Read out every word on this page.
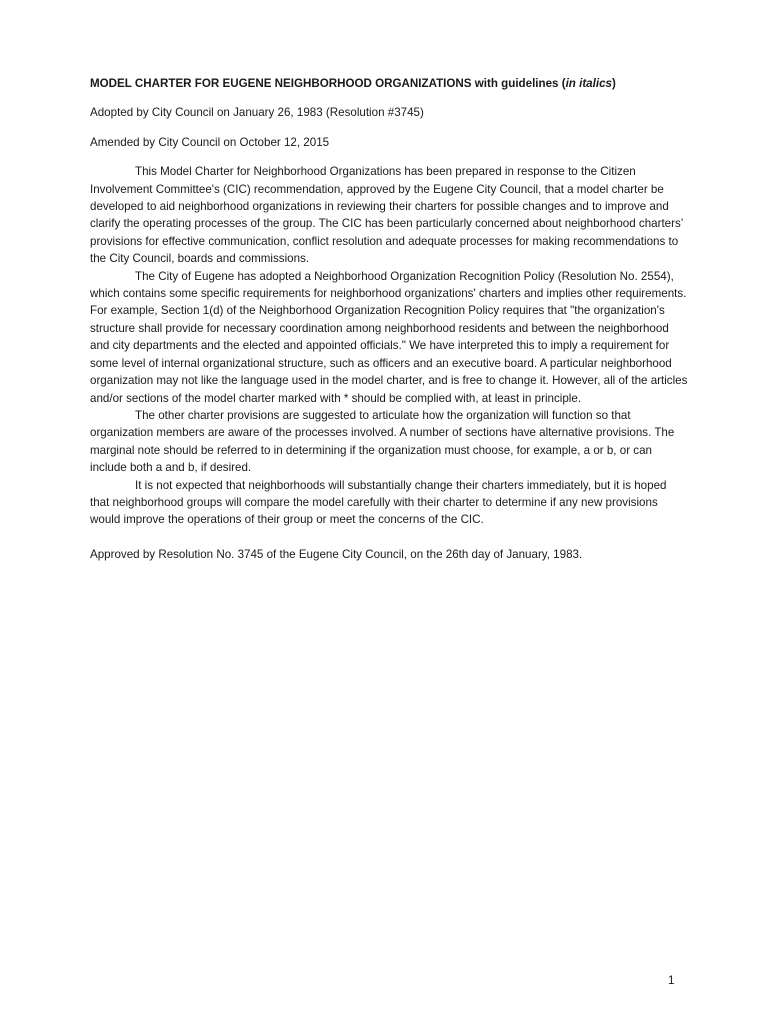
MODEL CHARTER FOR EUGENE NEIGHBORHOOD ORGANIZATIONS with guidelines (in italics)

Adopted by City Council on January 26, 1983 (Resolution #3745)

Amended by City Council on October 12, 2015

This Model Charter for Neighborhood Organizations has been prepared in response to the Citizen Involvement Committee's (CIC) recommendation, approved by the Eugene City Council, that a model charter be developed to aid neighborhood organizations in reviewing their charters for possible changes and to improve and clarify the operating processes of the group. The CIC has been particularly concerned about neighborhood charters’ provisions for effective communication, conflict resolution and adequate processes for making recommendations to the City Council, boards and commissions.

The City of Eugene has adopted a Neighborhood Organization Recognition Policy (Resolution No. 2554), which contains some specific requirements for neighborhood organizations' charters and implies other requirements. For example, Section 1(d) of the Neighborhood Organization Recognition Policy requires that "the organization's structure shall provide for necessary coordination among neighborhood residents and between the neighborhood and city departments and the elected and appointed officials." We have interpreted this to imply a requirement for some level of internal organizational structure, such as officers and an executive board. A particular neighborhood organization may not like the language used in the model charter, and is free to change it. However, all of the articles and/or sections of the model charter marked with * should be complied with, at least in principle.

The other charter provisions are suggested to articulate how the organization will function so that organization members are aware of the processes involved. A number of sections have alternative provisions. The marginal note should be referred to in determining if the organization must choose, for example, a or b, or can include both a and b, if desired.

It is not expected that neighborhoods will substantially change their charters immediately, but it is hoped that neighborhood groups will compare the model carefully with their charter to determine if any new provisions would improve the operations of their group or meet the concerns of the CIC.

Approved by Resolution No. 3745 of the Eugene City Council, on the 26th day of January, 1983.

1
